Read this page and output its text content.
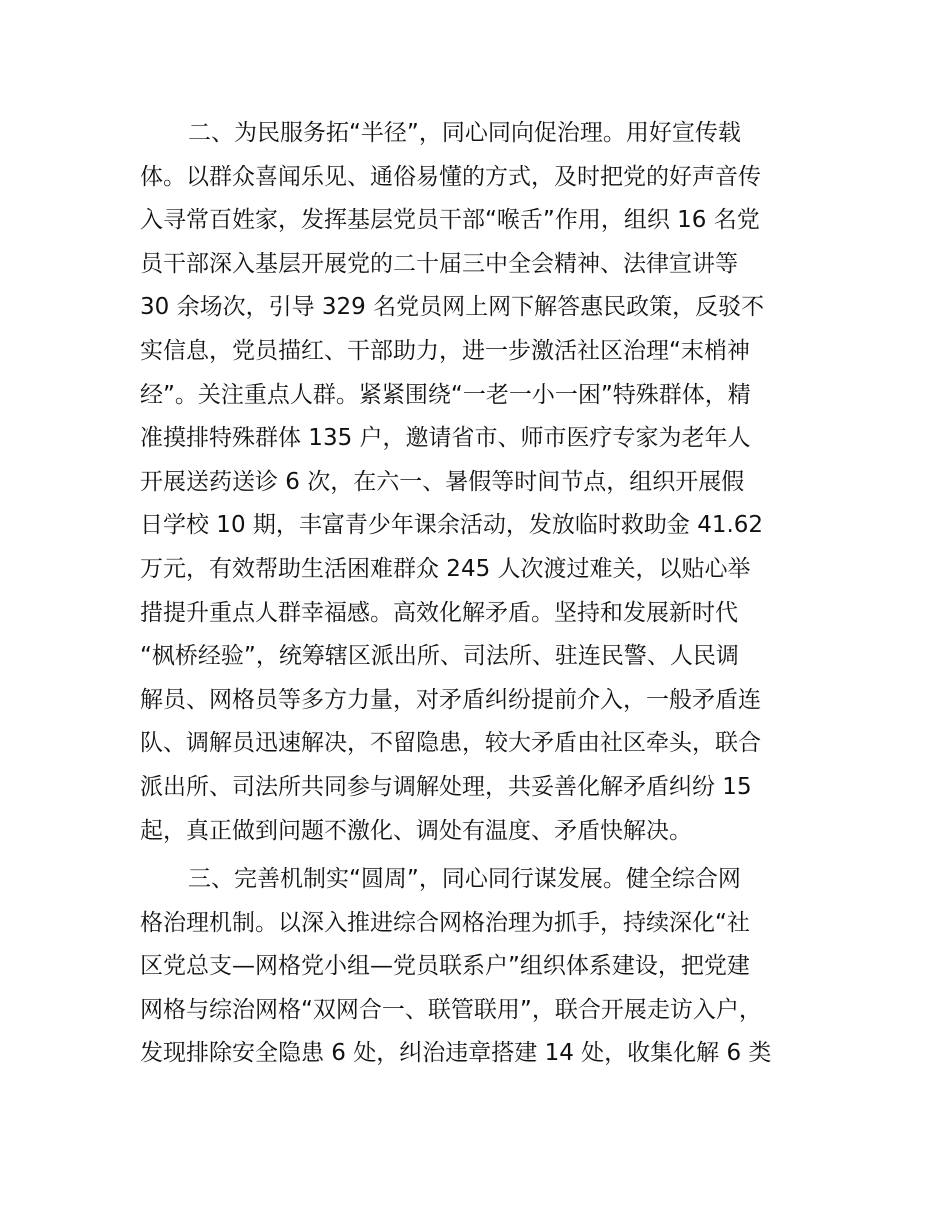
二、为民服务拓“半径”，同心同向促治理。用好宣传载
体。以群众喜闻乐见、通俗易懂的方式，及时把党的好声音传
入寻常百姓家，发挥基层党员干部“喉舌”作用，组织 16 名党
员干部深入基层开展党的二十届三中全会精神、法律宣讲等
30 余场次，引导 329 名党员网上网下解答惠民政策，反驳不
实信息，党员描红、干部助力，进一步激活社区治理“末梢神
经”。关注重点人群。紧紧围绕“一老一小一困”特殊群体，精
准摸排特殊群体 135 户，邀请省市、师市医疗专家为老年人
开展送药送诊 6 次，在六一、暑假等时间节点，组织开展假
日学校 10 期，丰富青少年课余活动，发放临时救助金 41.62
万元，有效帮助生活困难群众 245 人次渡过难关，以贴心举
措提升重点人群幸福感。高效化解矛盾。坚持和发展新时代
“枫桥经验”，统筹辖区派出所、司法所、驻连民警、人民调
解员、网格员等多方力量，对矛盾纠纷提前介入，一般矛盾连
队、调解员迅速解决，不留隐患，较大矛盾由社区牵头，联合
派出所、司法所共同参与调解处理，共妥善化解矛盾纠纷 15
起，真正做到问题不激化、调处有温度、矛盾快解决。
三、完善机制实“圆周”，同心同行谋发展。健全综合网
格治理机制。以深入推进综合网格治理为抓手，持续深化“社
区党总支—网格党小组—党员联系户”组织体系建设，把党建
网格与综治网格“双网合一、联管联用”，联合开展走访入户，
发现排除安全隐患 6 处，纠治违章搭建 14 处，收集化解 6 类
